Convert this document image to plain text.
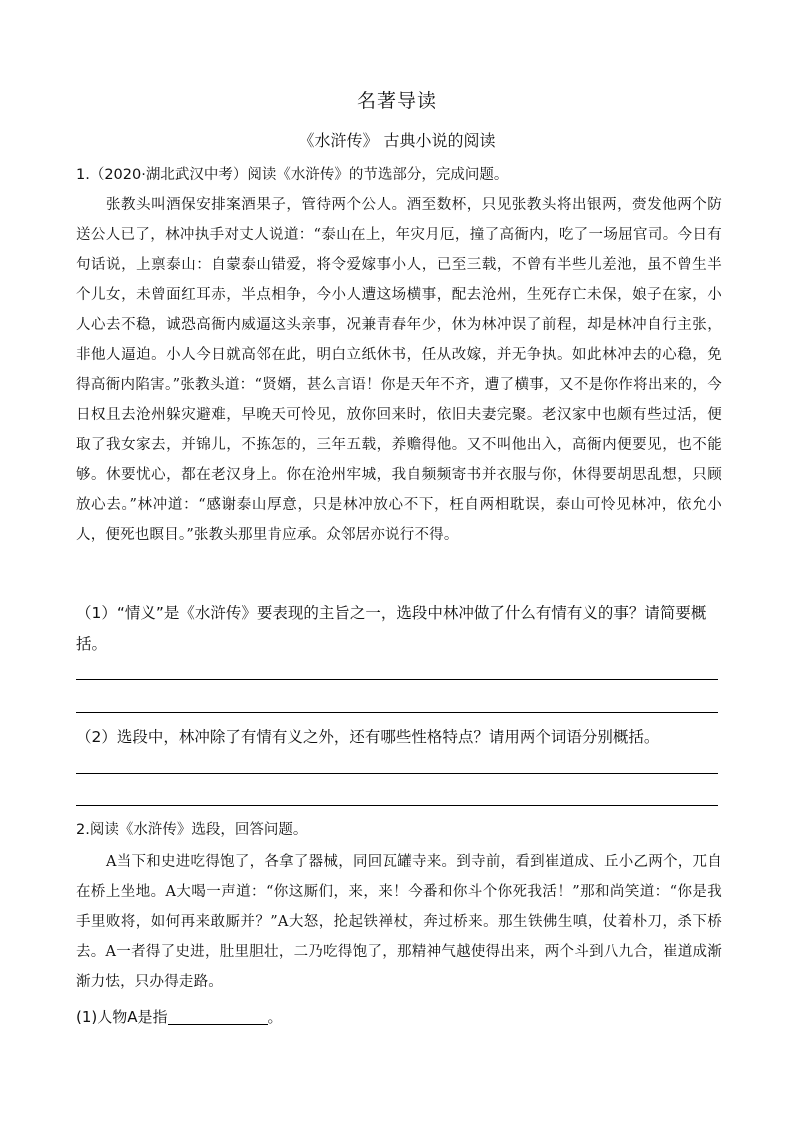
名著导读
《水浒传》 古典小说的阅读
1.（2020·湖北武汉中考）阅读《水浒传》的节选部分，完成问题。
张教头叫酒保安排案酒果子，管待两个公人。酒至数杯，只见张教头将出银两，赍发他两个防送公人已了，林冲执手对丈人说道：“泰山在上，年灾月厄，撞了高衙内，吃了一场屈官司。今日有句话说，上禀泰山：自蒙泰山错爱，将令爱嫁事小人，已至三载，不曾有半些儿差池，虽不曾生半个儿女，未曾面红耳赤，半点相争，今小人遭这场横事，配去沧州，生死存亡未保，娘子在家，小人心去不稳，诚恐高衙内威逼这头亲事，况兼青春年少，休为林冲误了前程，却是林冲自行主张，非他人逼迫。小人今日就高邻在此，明白立纸休书，任从改嫁，并无争执。如此林冲去的心稳，免得高衙内陷害。”张教头道：“贤婿，甚么言语！你是天年不齐，遭了横事，又不是你作将出来的，今日权且去沧州躲灾避难，早晚天可怜见，放你回来时，依旧夫妻完聚。老汉家中也颇有些过活，便取了我女家去，并锦儿，不拣怎的，三年五载，养赡得他。又不叫他出入，高衙内便要见，也不能够。休要忧心，都在老汉身上。你在沧州牢城，我自频频寄书并衣服与你，休得要胡思乱想，只顾放心去。”林冲道：“感谢泰山厚意，只是林冲放心不下，枉自两相耽误，泰山可怜见林冲，依允小人，便死也瞑目。”张教头那里肯应承。众邻居亦说行不得。
（1）“情义”是《水浒传》要表现的主旨之一，选段中林冲做了什么有情有义的事？请简要概括。
（2）选段中，林冲除了有情有义之外，还有哪些性格特点？请用两个词语分别概括。
2.阅读《水浒传》选段，回答问题。
A当下和史进吃得饱了，各拿了器械，同回瓦罐寺来。到寺前，看到崔道成、丘小乙两个，兀自在桥上坐地。A大喝一声道：“你这厮们，来，来！今番和你斗个你死我活！”那和尚笑道：“你是我手里败将，如何再来敢厮并？”A大怒，抡起铁禅杖，奔过桥来。那生铁佛生嗔，仗着朴刀，杀下桥去。A一者得了史进，肚里胆壮，二乃吃得饱了，那精神气越使得出来，两个斗到八九合，崔道成渐渐力怯，只办得走路。
(1)人物A是指	。
